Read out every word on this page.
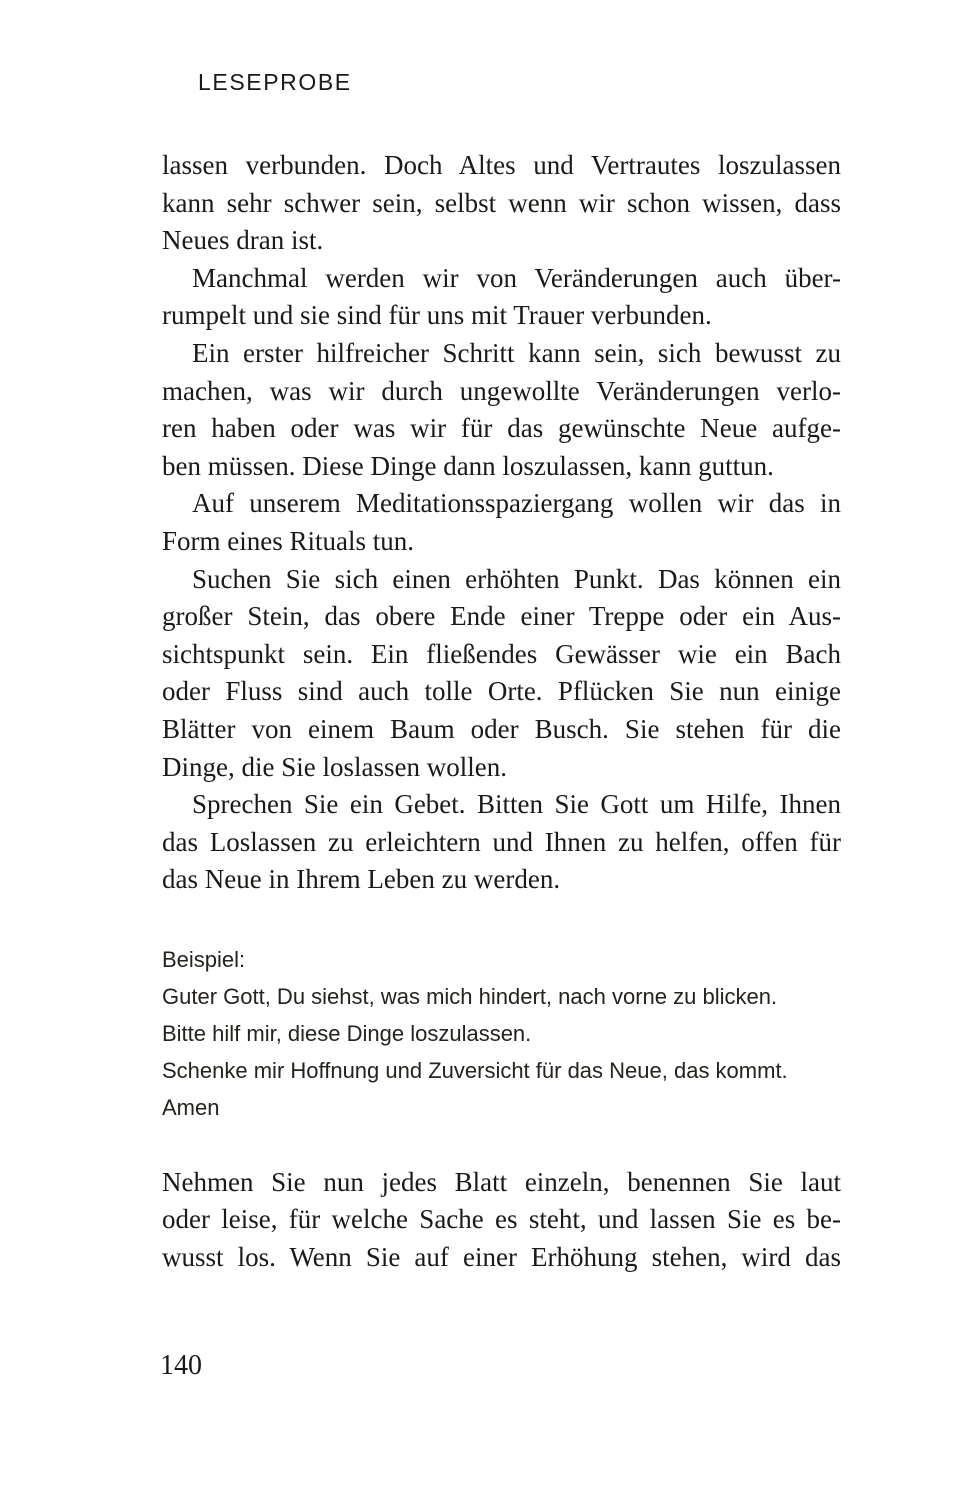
LESEPROBE
lassen verbunden. Doch Altes und Vertrautes loszulassen
kann sehr schwer sein, selbst wenn wir schon wissen, dass
Neues dran ist.
Manchmal werden wir von Veränderungen auch über-
rumpelt und sie sind für uns mit Trauer verbunden.
Ein erster hilfreicher Schritt kann sein, sich bewusst zu
machen, was wir durch ungewollte Veränderungen verlo-
ren haben oder was wir für das gewünschte Neue aufge-
ben müssen. Diese Dinge dann loszulassen, kann guttun.
Auf unserem Meditationsspaziergang wollen wir das in
Form eines Rituals tun.
Suchen Sie sich einen erhöhten Punkt. Das können ein
großer Stein, das obere Ende einer Treppe oder ein Aus-
sichtspunkt sein. Ein fließendes Gewässer wie ein Bach
oder Fluss sind auch tolle Orte. Pflücken Sie nun einige
Blätter von einem Baum oder Busch. Sie stehen für die
Dinge, die Sie loslassen wollen.
Sprechen Sie ein Gebet. Bitten Sie Gott um Hilfe, Ihnen
das Loslassen zu erleichtern und Ihnen zu helfen, offen für
das Neue in Ihrem Leben zu werden.
Beispiel:
Guter Gott, Du siehst, was mich hindert, nach vorne zu blicken.
Bitte hilf mir, diese Dinge loszulassen.
Schenke mir Hoffnung und Zuversicht für das Neue, das kommt.
Amen
Nehmen Sie nun jedes Blatt einzeln, benennen Sie laut
oder leise, für welche Sache es steht, und lassen Sie es be-
wusst los. Wenn Sie auf einer Erhöhung stehen, wird das
140
